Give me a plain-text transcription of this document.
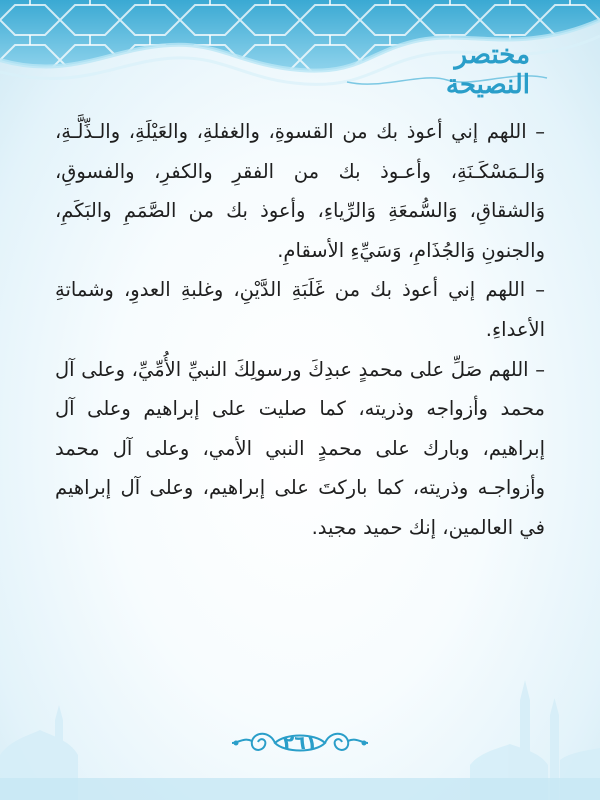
مختصر النصيحة

– اللهم إني أعوذ بك من القسوةِ، والغفلةِ، والعَيْلَةِ، والـذِّلَّـةِ، وَالـمَسْكَـنَةِ، وأعـوذ بك من الفقرِ والكفرِ، والفسوقِ، وَالشقاقِ، وَالسُّمعَةِ وَالرِّياءِ، وأعوذ بك من الصَّمَمِ والبَكَمِ، والجنونِ وَالجُذَامِ، وَسَيِّءِ الأسقامِ.

– اللهم إني أعوذ بك من غَلَبَةِ الدَّيْنِ، وغلبةِ العدوِ، وشماتةِ الأعداءِ.

– اللهم صَلِّ على محمدٍ عبدِكَ ورسولِكَ النبيِّ الأُمِّيِّ، وعلى آل محمد وأزواجه وذريته، كما صليت على إبراهيم وعلى آل إبراهيم، وبارك على محمدٍ النبي الأمي، وعلى آل محمد وأزواجـه وذريته، كما باركتَ على إبراهيم، وعلى آل إبراهيم في العالمين، إنك حميد مجيد.

٢٦١
